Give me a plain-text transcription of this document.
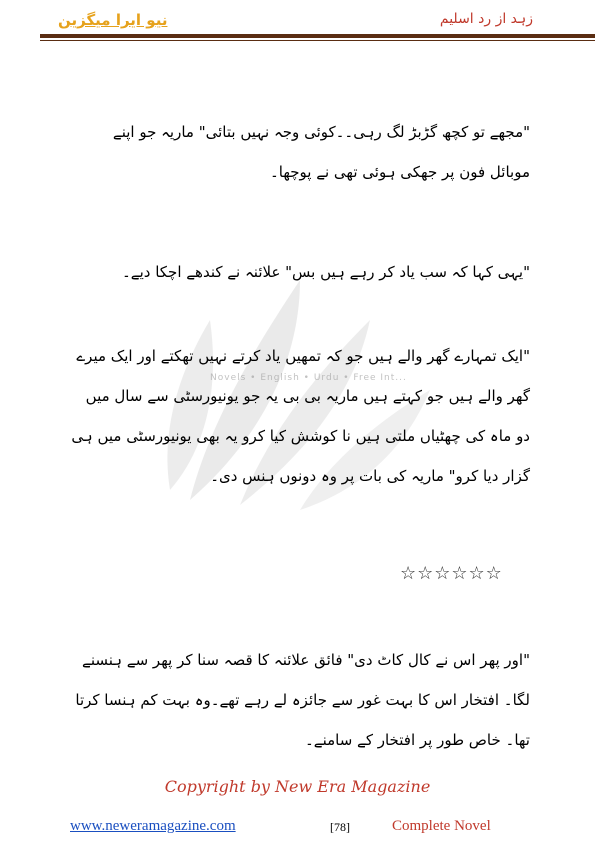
نیو ایرا میگزین	زہد از رد اسلیم
Novels • English • Urdu • Free Int...
"مجھے تو کچھ گڑبڑ لگ رہی۔۔کوئی وجہ نہیں بتائی" ماریہ جو اپنے موبائل فون پر جھکی ہوئی تھی نے پوچھا۔
"یہی کہا کہ سب یاد کر رہے ہیں بس" علائنہ نے کندھے اچکا دیے۔
"ایک تمہارے گھر والے ہیں جو کہ تمھیں یاد کرتے نہیں تھکتے اور ایک میرے گھر والے ہیں جو کہتے ہیں ماریہ بی بی یہ جو یونیورسٹی سے سال میں دو ماہ کی چھٹیاں ملتی ہیں نا کوشش کیا کرو یہ بھی یونیورسٹی میں ہی گزار دیا کرو" ماریہ کی بات پر وہ دونوں ہنس دی۔
☆☆☆☆☆☆
"اور پھر اس نے کال کاٹ دی" فائق علائنہ کا قصہ سنا کر پھر سے ہنسنے لگا۔ افتخار اس کا بہت غور سے جائزہ لے رہے تھے۔وہ بہت کم ہنسا کرتا تھا۔ خاص طور پر افتخار کے سامنے۔
Copyright by New Era Magazine
www.neweramagazine.com	[78]	Complete Novel
